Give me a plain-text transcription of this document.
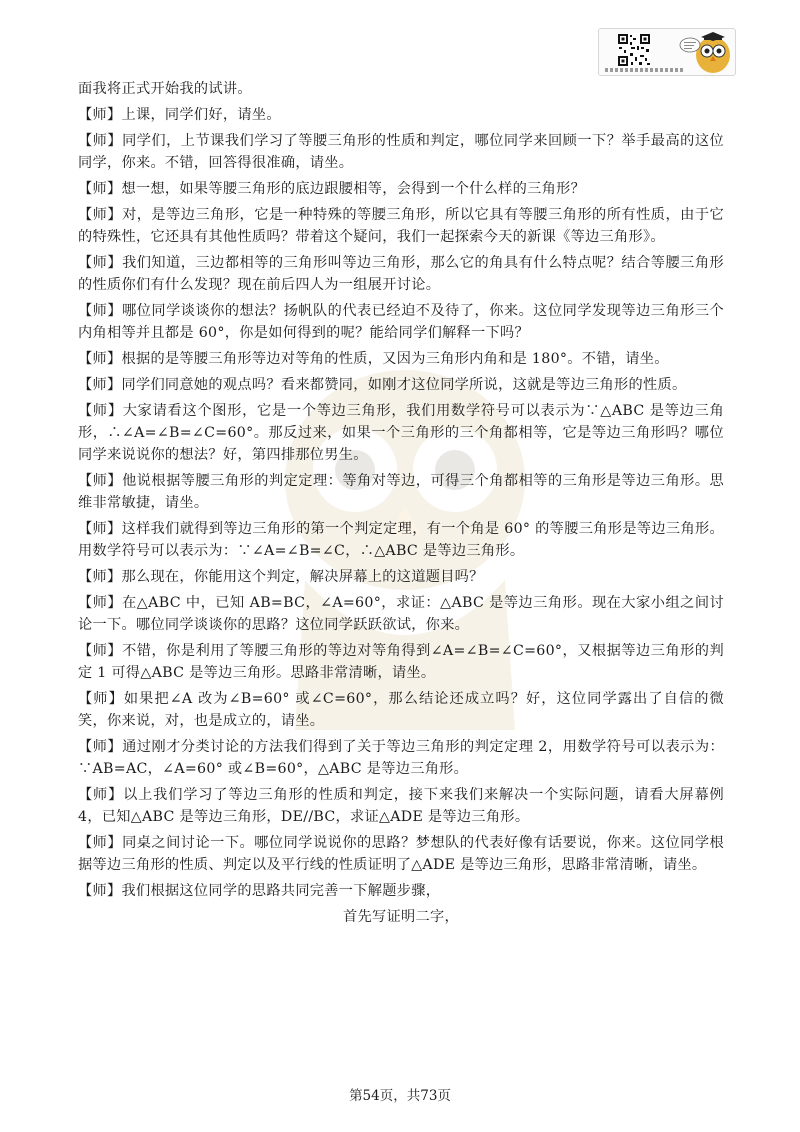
面我将正式开始我的试讲。

【师】上课，同学们好，请坐。

【师】同学们，上节课我们学习了等腰三角形的性质和判定，哪位同学来回顾一下？举手最高的这位同学，你来。不错，回答得很准确，请坐。

【师】想一想，如果等腰三角形的底边跟腰相等，会得到一个什么样的三角形？

【师】对，是等边三角形，它是一种特殊的等腰三角形，所以它具有等腰三角形的所有性质，由于它的特殊性，它还具有其他性质吗？带着这个疑问，我们一起探索今天的新课《等边三角形》。

【师】我们知道，三边都相等的三角形叫等边三角形，那么它的角具有什么特点呢？结合等腰三角形的性质你们有什么发现？现在前后四人为一组展开讨论。

【师】哪位同学谈谈你的想法？扬帆队的代表已经迫不及待了，你来。这位同学发现等边三角形三个内角相等并且都是 60°，你是如何得到的呢？能给同学们解释一下吗？

【师】根据的是等腰三角形等边对等角的性质，又因为三角形内角和是 180°。不错，请坐。

【师】同学们同意她的观点吗？看来都赞同，如刚才这位同学所说，这就是等边三角形的性质。

【师】大家请看这个图形，它是一个等边三角形，我们用数学符号可以表示为∵△ABC 是等边三角形，∴∠A=∠B=∠C=60°。那反过来，如果一个三角形的三个角都相等，它是等边三角形吗？哪位同学来说说你的想法？好，第四排那位男生。

【师】他说根据等腰三角形的判定定理：等角对等边，可得三个角都相等的三角形是等边三角形。思维非常敏捷，请坐。

【师】这样我们就得到等边三角形的第一个判定定理，有一个角是 60° 的等腰三角形是等边三角形。用数学符号可以表示为：∵∠A=∠B=∠C，∴△ABC 是等边三角形。

【师】那么现在，你能用这个判定，解决屏幕上的这道题目吗？

【师】在△ABC 中，已知 AB=BC，∠A=60°，求证：△ABC 是等边三角形。现在大家小组之间讨论一下。哪位同学谈谈你的思路？这位同学跃跃欲试，你来。

【师】不错，你是利用了等腰三角形的等边对等角得到∠A=∠B=∠C=60°，又根据等边三角形的判定 1 可得△ABC 是等边三角形。思路非常清晰，请坐。

【师】如果把∠A 改为∠B=60° 或∠C=60°，那么结论还成立吗？好，这位同学露出了自信的微笑，你来说，对，也是成立的，请坐。

【师】通过刚才分类讨论的方法我们得到了关于等边三角形的判定定理 2，用数学符号可以表示为：∵AB=AC，∠A=60° 或∠B=60°，△ABC 是等边三角形。

【师】以上我们学习了等边三角形的性质和判定，接下来我们来解决一个实际问题，请看大屏幕例 4，已知△ABC 是等边三角形，DE//BC，求证△ADE 是等边三角形。

【师】同桌之间讨论一下。哪位同学说说你的思路？梦想队的代表好像有话要说，你来。这位同学根据等边三角形的性质、判定以及平行线的性质证明了△ADE 是等边三角形，思路非常清晰，请坐。

【师】我们根据这位同学的思路共同完善一下解题步骤，

首先写证明二字，

第54页，共73页
